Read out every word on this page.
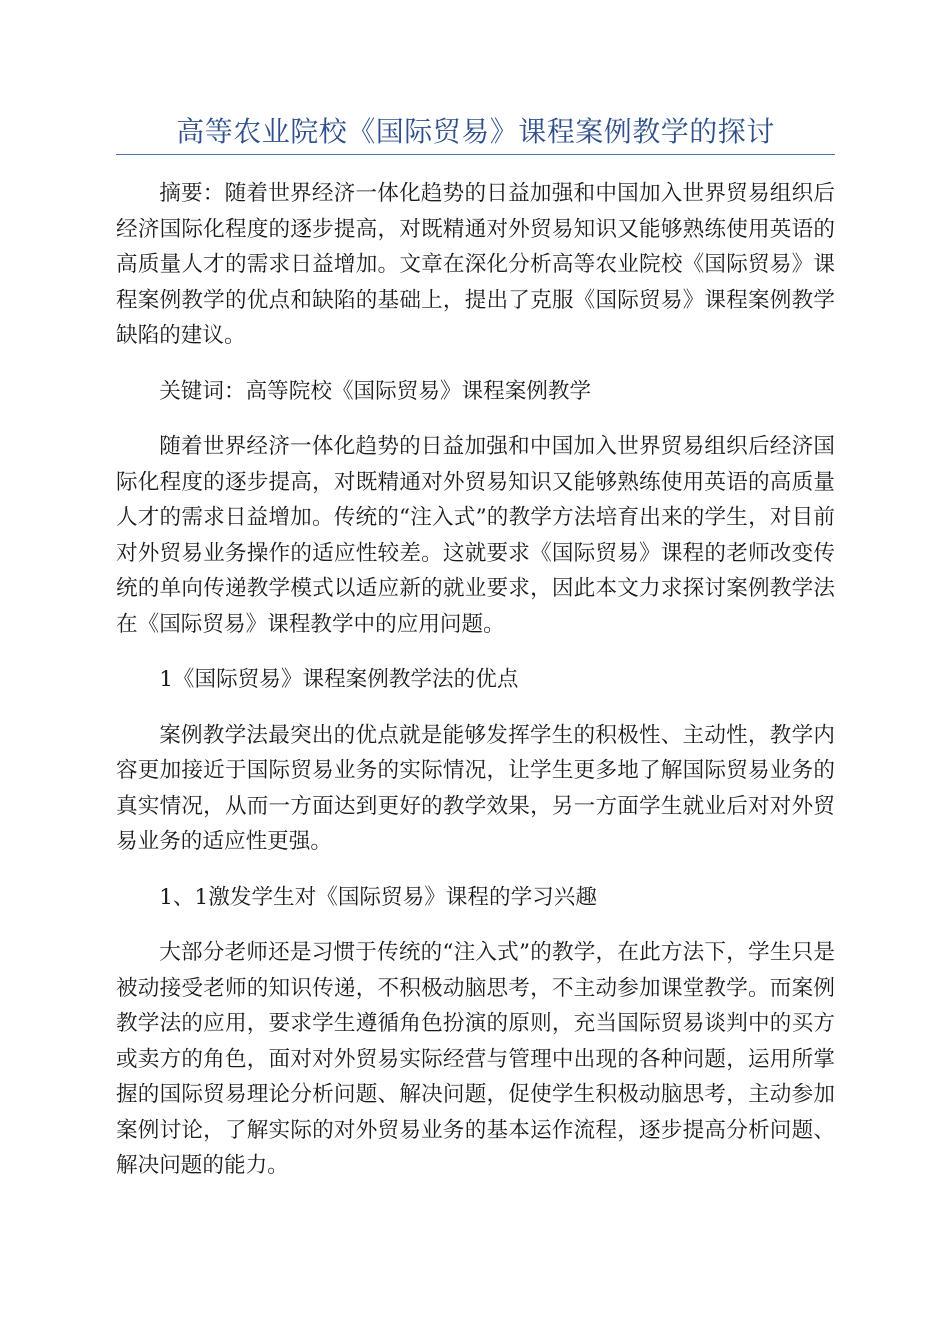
高等农业院校《国际贸易》课程案例教学的探讨

摘要：随着世界经济一体化趋势的日益加强和中国加入世界贸易组织后经济国际化程度的逐步提高，对既精通对外贸易知识又能够熟练使用英语的高质量人才的需求日益增加。文章在深化分析高等农业院校《国际贸易》课程案例教学的优点和缺陷的基础上，提出了克服《国际贸易》课程案例教学缺陷的建议。

关键词：高等院校《国际贸易》课程案例教学

随着世界经济一体化趋势的日益加强和中国加入世界贸易组织后经济国际化程度的逐步提高，对既精通对外贸易知识又能够熟练使用英语的高质量人才的需求日益增加。传统的“注入式”的教学方法培育出来的学生，对目前对外贸易业务操作的适应性较差。这就要求《国际贸易》课程的老师改变传统的单向传递教学模式以适应新的就业要求，因此本文力求探讨案例教学法在《国际贸易》课程教学中的应用问题。

1《国际贸易》课程案例教学法的优点

案例教学法最突出的优点就是能够发挥学生的积极性、主动性，教学内容更加接近于国际贸易业务的实际情况，让学生更多地了解国际贸易业务的真实情况，从而一方面达到更好的教学效果，另一方面学生就业后对对外贸易业务的适应性更强。

1、1激发学生对《国际贸易》课程的学习兴趣

大部分老师还是习惯于传统的“注入式”的教学，在此方法下，学生只是被动接受老师的知识传递，不积极动脑思考，不主动参加课堂教学。而案例教学法的应用，要求学生遵循角色扮演的原则，充当国际贸易谈判中的买方或卖方的角色，面对对外贸易实际经营与管理中出现的各种问题，运用所掌握的国际贸易理论分析问题、解决问题，促使学生积极动脑思考，主动参加案例讨论，了解实际的对外贸易业务的基本运作流程，逐步提高分析问题、解决问题的能力。
